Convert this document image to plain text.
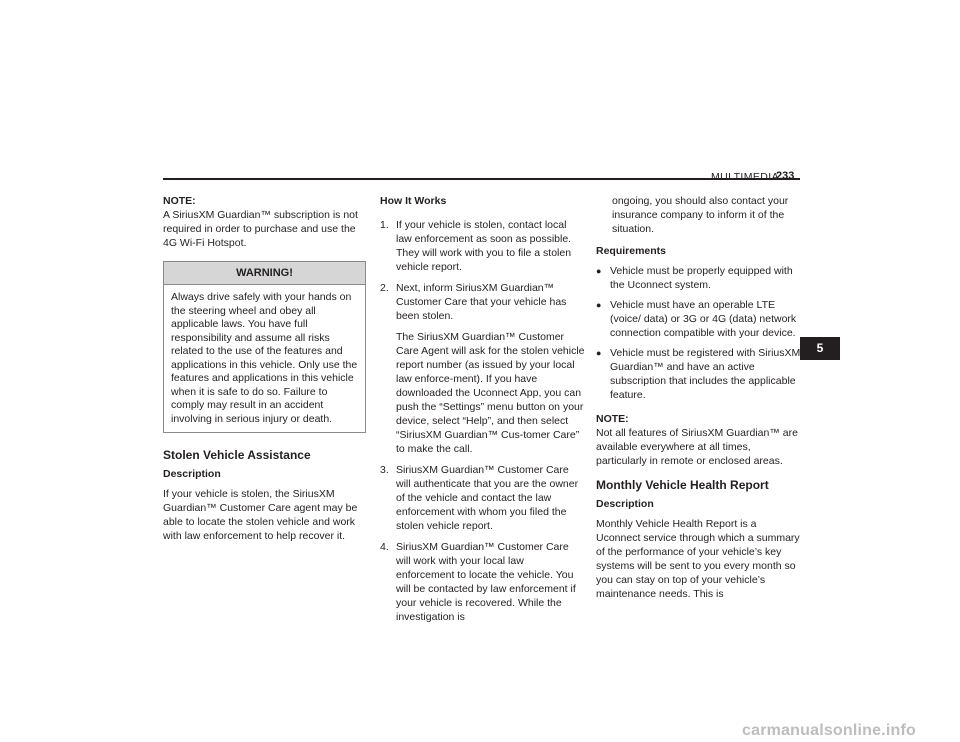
MULTIMEDIA
233

NOTE:

A SiriusXM Guardian™ subscription is not required in order to purchase and use the 4G Wi-Fi Hotspot.

WARNING!
Always drive safely with your hands on the steering wheel and obey all applicable laws. You have full responsibility and assume all risks related to the use of the features and applications in this vehicle. Only use the features and applications in this vehicle when it is safe to do so. Failure to comply may result in an accident involving in serious injury or death.
Stolen Vehicle Assistance
Description

If your vehicle is stolen, the SiriusXM Guardian™ Customer Care agent may be able to locate the stolen vehicle and work with law enforcement to help recover it.

How It Works
1. If your vehicle is stolen, contact local law enforcement as soon as possible. They will work with you to file a stolen vehicle report.

2. Next, inform SiriusXM Guardian™ Customer Care that your vehicle has been stolen.

The SiriusXM Guardian™ Customer Care Agent will ask for the stolen vehicle report number (as issued by your local law enforce-ment). If you have downloaded the Uconnect App, you can push the “Settings” menu button on your device, select “Help”, and then select “SiriusXM Guardian™ Cus-tomer Care” to make the call.

3. SiriusXM Guardian™ Customer Care will authenticate that you are the owner of the vehicle and contact the law enforcement with whom you filed the stolen vehicle report.

4. SiriusXM Guardian™ Customer Care will work with your local law enforcement to locate the vehicle. You will be contacted by law enforcement if your vehicle is recovered. While the investigation is

ongoing, you should also contact your insurance company to inform it of the situation.

Requirements
● Vehicle must be properly equipped with the Uconnect system.
● Vehicle must have an operable LTE (voice/ data) or 3G or 4G (data) network connection compatible with your device.
● Vehicle must be registered with SiriusXM Guardian™ and have an active subscription that includes the applicable feature.

NOTE:

Not all features of SiriusXM Guardian™ are available everywhere at all times, particularly in remote or enclosed areas.

Monthly Vehicle Health Report
Description

Monthly Vehicle Health Report is a Uconnect service through which a summary of the performance of your vehicle’s key systems will be sent to you every month so you can stay on top of your vehicle’s maintenance needs. This is

5
carmanualsonline.info
